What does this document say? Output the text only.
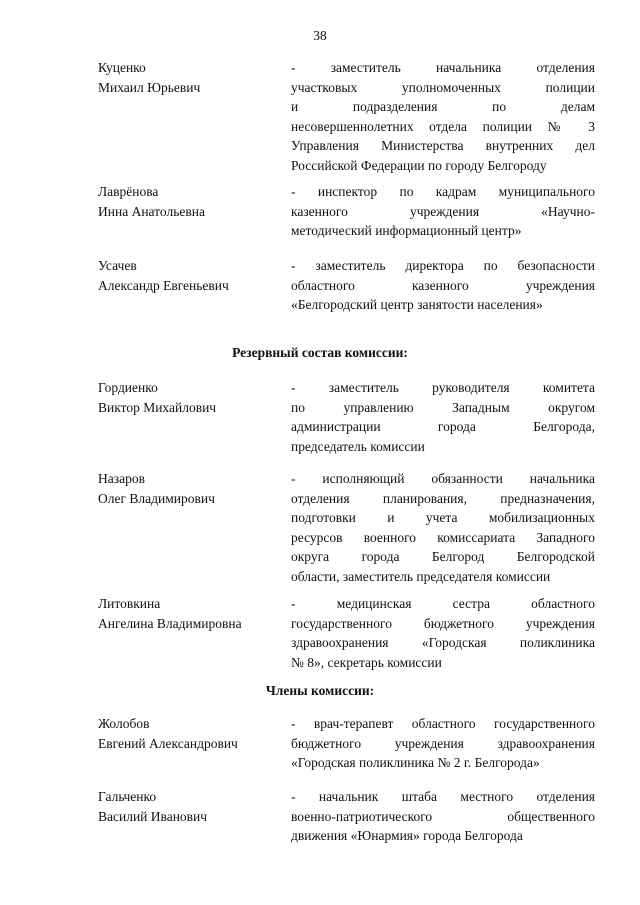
38
Куценко
Михаил Юрьевич
- заместитель начальника отделения
участковых уполномоченных полиции
и подразделения по делам
несовершеннолетних отдела полиции № 3
Управления Министерства внутренних дел
Российской Федерации по городу Белгороду
Лаврёнова
Инна Анатольевна
- инспектор по кадрам муниципального
казенного учреждения «Научно-
методический информационный центр»
Усачев
Александр Евгеньевич
- заместитель директора по безопасности
областного казенного учреждения
«Белгородский центр занятости населения»
Резервный состав комиссии:
Гордиенко
Виктор Михайлович
- заместитель руководителя комитета
по управлению Западным округом
администрации города Белгорода,
председатель комиссии
Назаров
Олег Владимирович
- исполняющий обязанности начальника
отделения планирования, предназначения,
подготовки и учета мобилизационных
ресурсов военного комиссариата Западного
округа города Белгород Белгородской
области, заместитель председателя комиссии
Литовкина
Ангелина Владимировна
- медицинская сестра областного
государственного бюджетного учреждения
здравоохранения «Городская поликлиника
№ 8», секретарь комиссии
Члены комиссии:
Жолобов
Евгений Александрович
- врач-терапевт областного государственного
бюджетного учреждения здравоохранения
«Городская поликлиника № 2 г. Белгорода»
Гальченко
Василий Иванович
- начальник штаба местного отделения
военно-патриотического общественного
движения «Юнармия» города Белгорода
